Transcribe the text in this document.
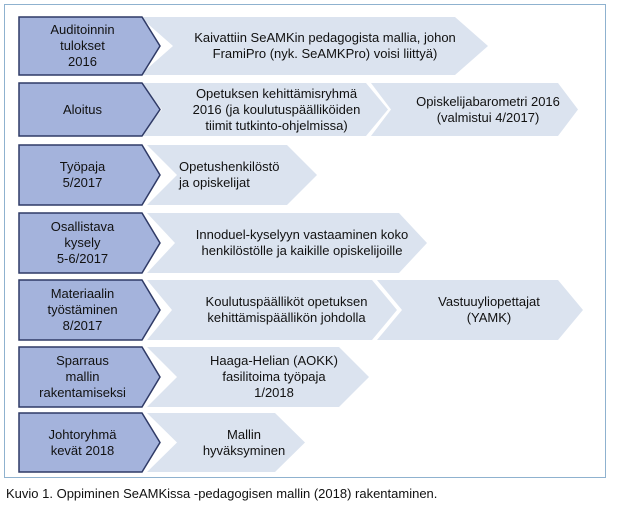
Auditoinnin
tulokset
2016
Kaivattiin SeAMKin pedagogista mallia, johon
FramiPro (nyk. SeAMKPro) voisi liittyä)
Aloitus
Opetuksen kehittämisryhmä
2016 (ja koulutuspäälliköiden
tiimit tutkinto-ohjelmissa)
Opiskelijabarometri 2016
(valmistui 4/2017)
Työpaja
5/2017
Opetushenkilöstö
ja opiskelijat
Osallistava
kysely
5-6/2017
Innoduel-kyselyyn vastaaminen koko
henkilöstölle ja kaikille opiskelijoille
Materiaalin
työstäminen
8/2017
Koulutuspäälliköt opetuksen
kehittämispäällikön johdolla
Vastuuyliopettajat
(YAMK)
Sparraus
mallin
rakentamiseksi
Haaga-Helian (AOKK)
fasilitoima työpaja
1/2018
Johtoryhmä
kevät 2018
Mallin
hyväksyminen
Kuvio 1. Oppiminen SeAMKissa -pedagogisen mallin (2018) rakentaminen.
